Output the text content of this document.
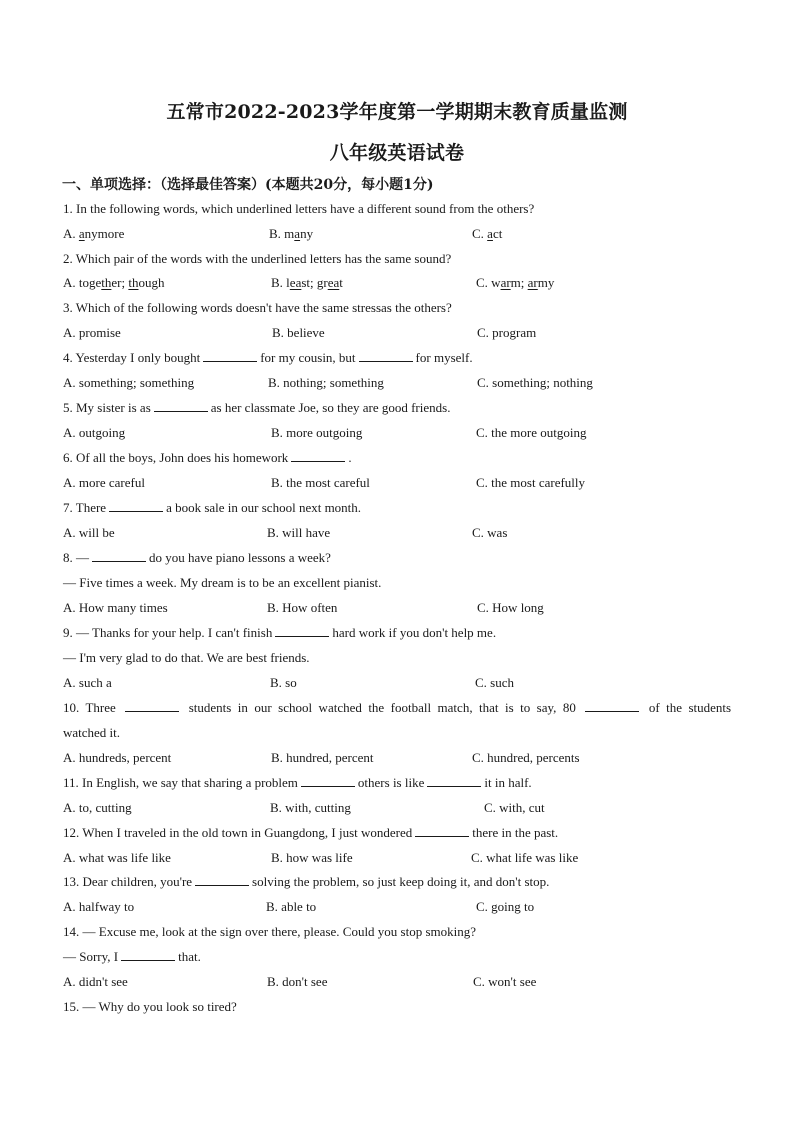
五常市2022-2023学年度第一学期期末教育质量监测
八年级英语试卷
一、单项选择：（选择最佳答案）(本题共20分，每小题1分)
1. In the following words, which underlined letters have a different sound from the others?
A. anymore	B. many	C. act
2. Which pair of the words with the underlined letters has the same sound?
A. together; though	B. least; great	C. warm; army
3. Which of the following words doesn't have the same stressas the others?
A. promise	B. believe	C. program
4. Yesterday I only bought	for my cousin, but	for myself.
A. something; something	B. nothing; something	C. something; nothing
5. My sister is as	as her classmate Joe, so they are good friends.
A. outgoing	B. more outgoing	C. the more outgoing
6. Of all the boys, John does his homework	.
A. more careful	B. the most careful	C. the most carefully
7. There	a book sale in our school next month.
A. will be	B. will have	C. was
8. —	do you have piano lessons a week?
— Five times a week. My dream is to be an excellent pianist.
A. How many times	B. How often	C. How long
9. — Thanks for your help. I can't finish	hard work if you don't help me.
— I'm very glad to do that. We are best friends.
A. such a	B. so	C. such
10. Three	students in our school watched the football match, that is to say, 80	of the students
watched it.
A. hundreds, percent	B. hundred, percent	C. hundred, percents
11. In English, we say that sharing a problem	others is like	it in half.
A. to, cutting	B. with, cutting	C. with, cut
12. When I traveled in the old town in Guangdong, I just wondered	there in the past.
A. what was life like	B. how was life	C. what life was like
13. Dear children, you're	solving the problem, so just keep doing it, and don't stop.
A. halfway to	B. able to	C. going to
14. — Excuse me, look at the sign over there, please. Could you stop smoking?
— Sorry, I	that.
A. didn't see	B. don't see	C. won't see
15. — Why do you look so tired?
